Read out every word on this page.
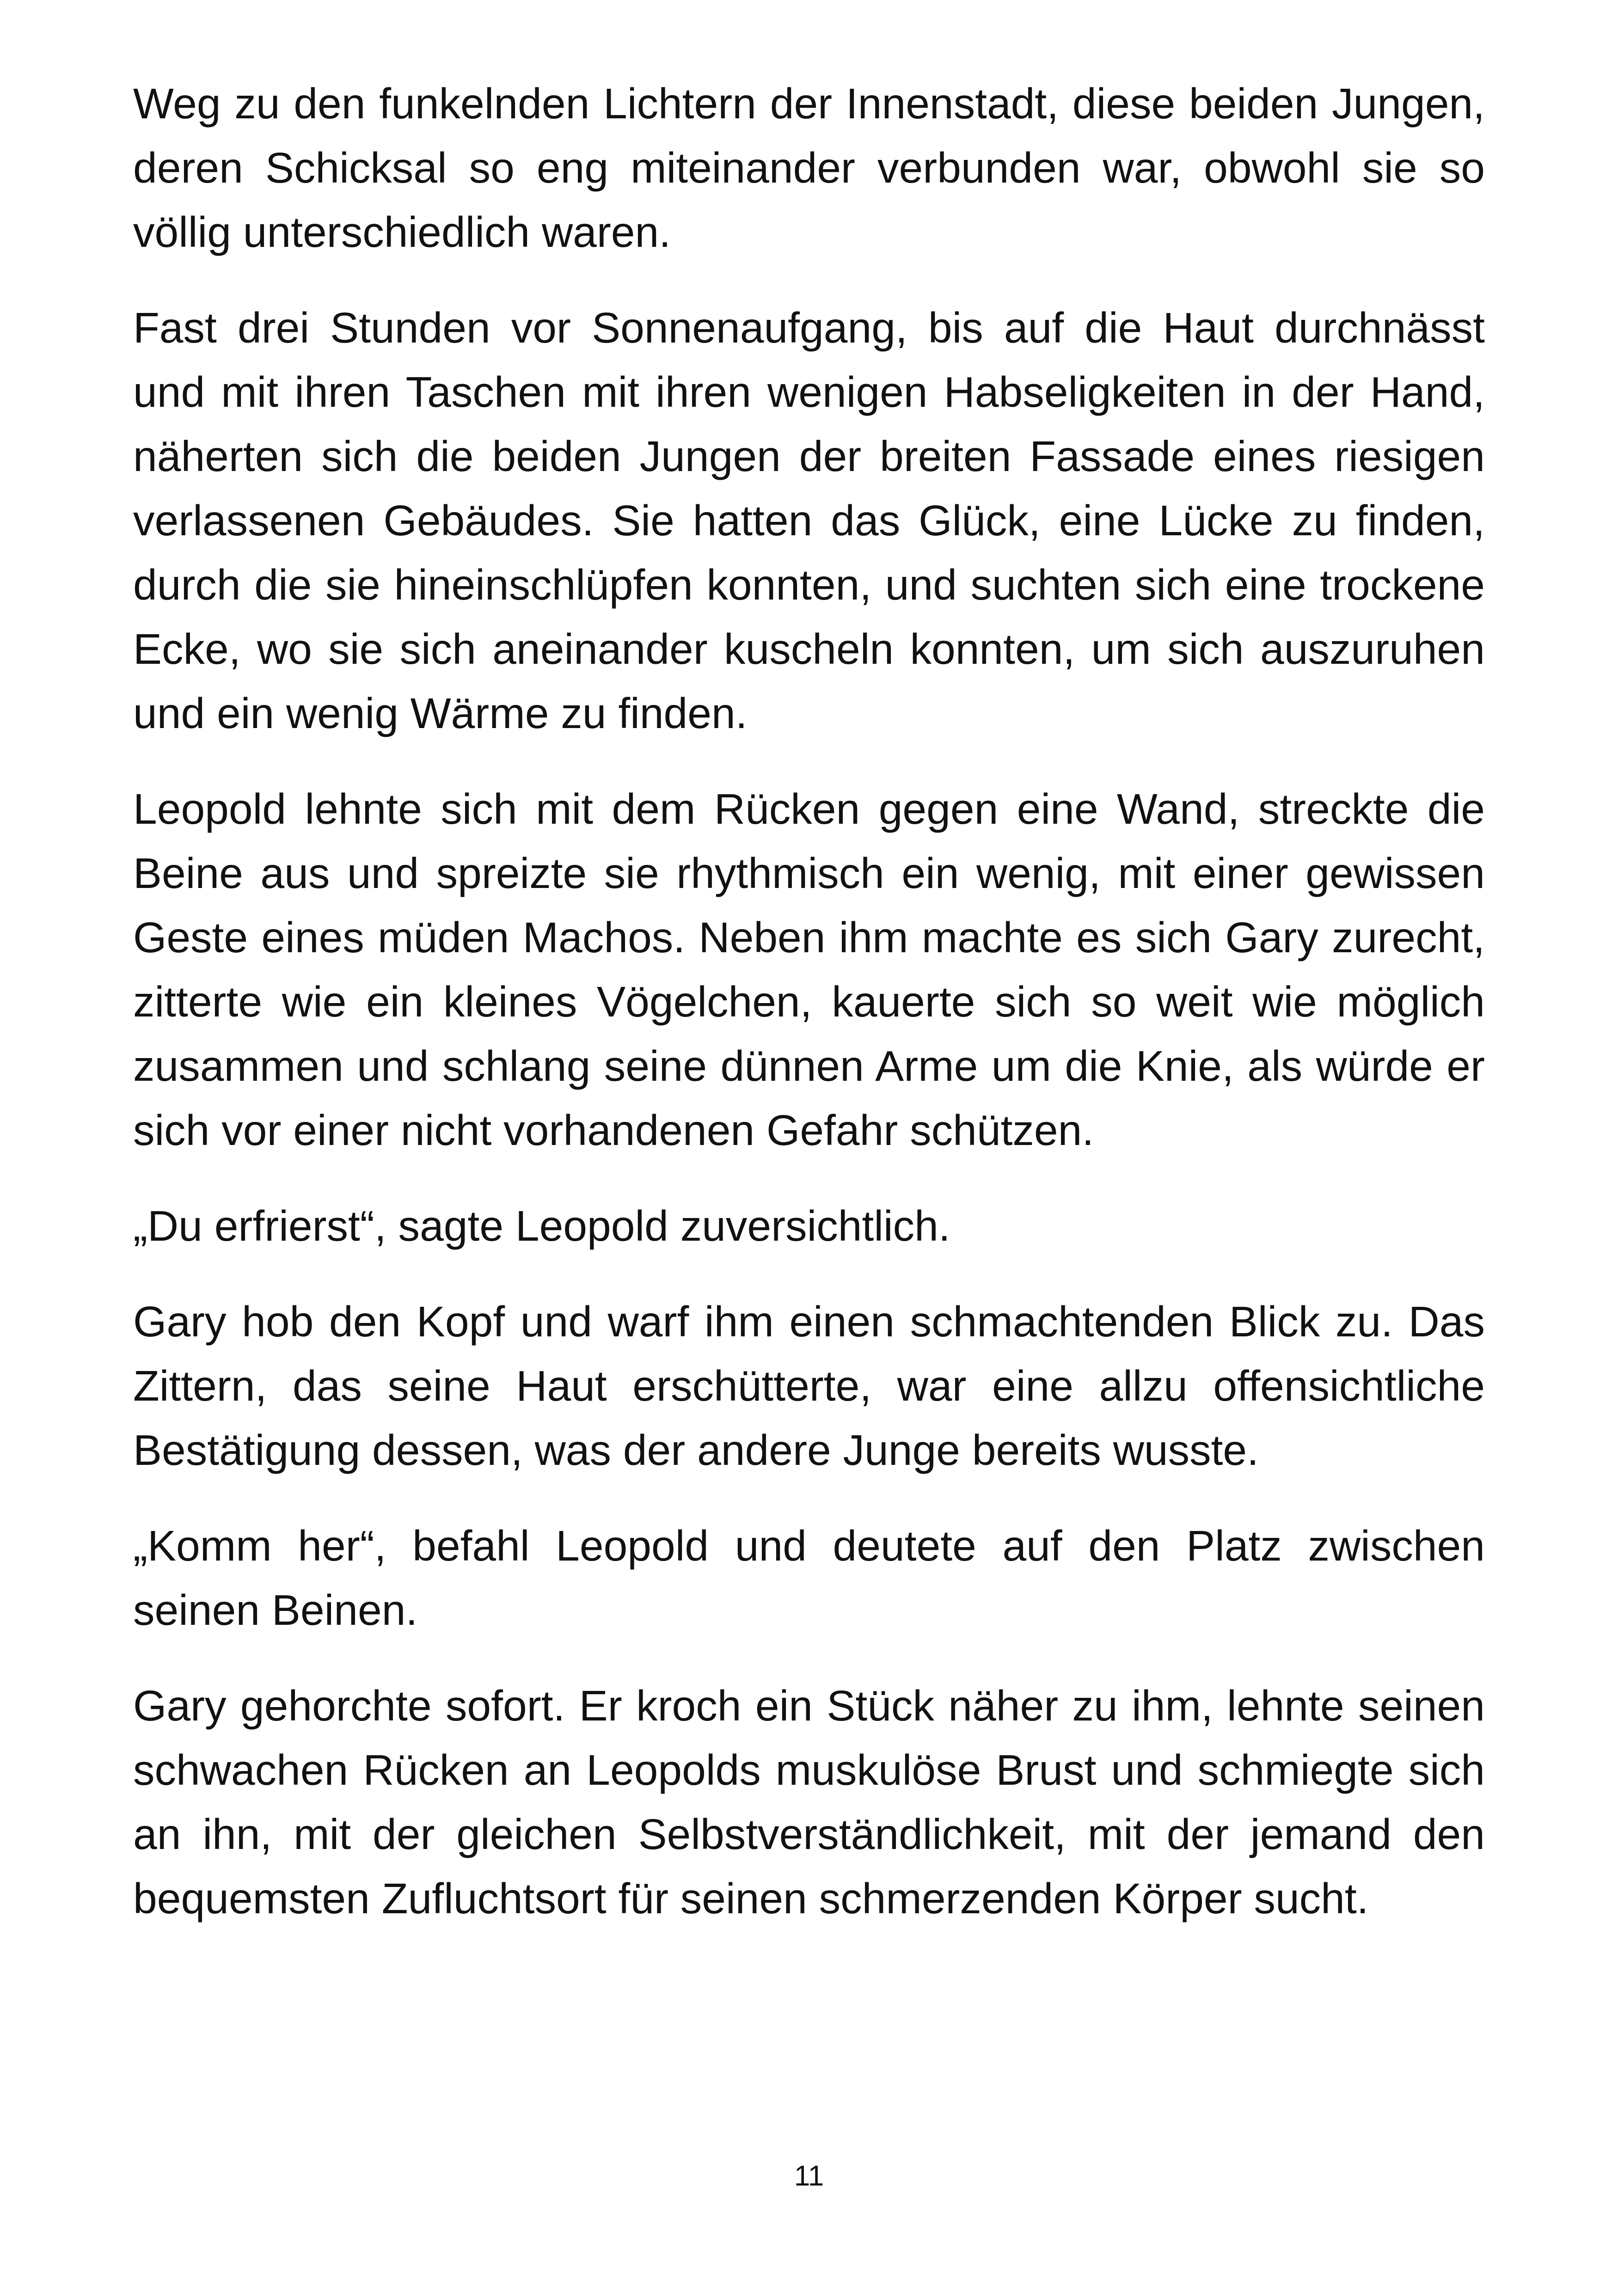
Weg zu den funkelnden Lichtern der Innenstadt, diese beiden Jungen, deren Schicksal so eng miteinander verbunden war, obwohl sie so völlig unterschiedlich waren.

Fast drei Stunden vor Sonnenaufgang, bis auf die Haut durchnässt und mit ihren Taschen mit ihren wenigen Habseligkeiten in der Hand, näherten sich die beiden Jungen der breiten Fassade eines riesigen verlassenen Gebäudes. Sie hatten das Glück, eine Lücke zu finden, durch die sie hineinschlüpfen konnten, und suchten sich eine trockene Ecke, wo sie sich aneinander kuscheln konnten, um sich auszuruhen und ein wenig Wärme zu finden.

Leopold lehnte sich mit dem Rücken gegen eine Wand, streckte die Beine aus und spreizte sie rhythmisch ein wenig, mit einer gewissen Geste eines müden Machos. Neben ihm machte es sich Gary zurecht, zitterte wie ein kleines Vögelchen, kauerte sich so weit wie möglich zusammen und schlang seine dünnen Arme um die Knie, als würde er sich vor einer nicht vorhandenen Gefahr schützen.

„Du erfrierst“, sagte Leopold zuversichtlich.

Gary hob den Kopf und warf ihm einen schmachtenden Blick zu. Das Zittern, das seine Haut erschütterte, war eine allzu offensichtliche Bestätigung dessen, was der andere Junge bereits wusste.

„Komm her“, befahl Leopold und deutete auf den Platz zwischen seinen Beinen.

Gary gehorchte sofort. Er kroch ein Stück näher zu ihm, lehnte seinen schwachen Rücken an Leopolds muskulöse Brust und schmiegte sich an ihn, mit der gleichen Selbstverständlichkeit, mit der jemand den bequemsten Zufluchtsort für seinen schmerzenden Körper sucht.

11
